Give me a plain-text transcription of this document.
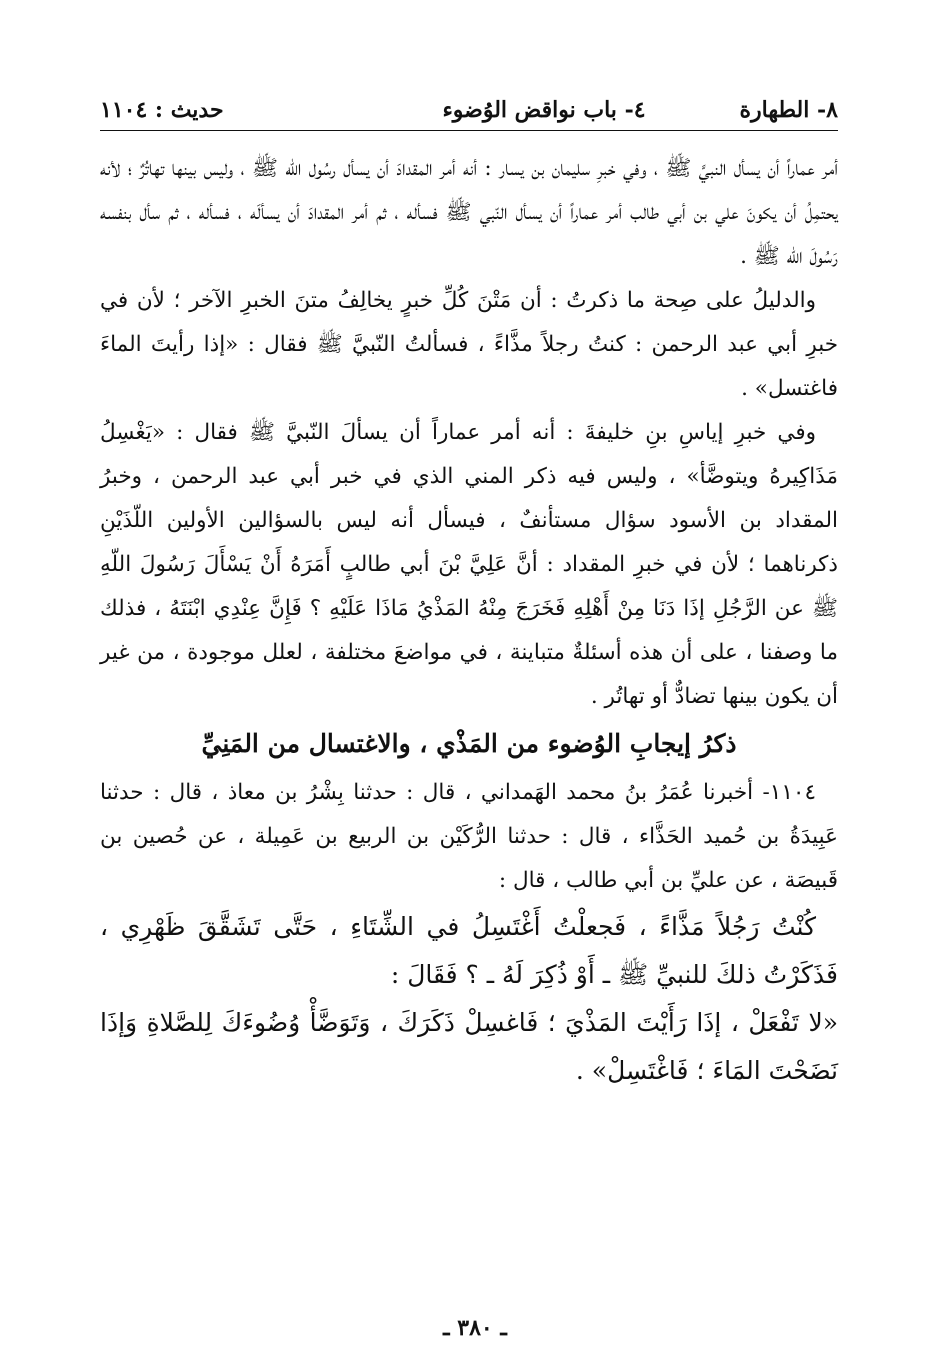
٨- الطهارة
٤- باب نواقض الوُضوء
حديث : ١١٠٤

أمر عماراً أن يسأل النبيَّ ﷺ ، وفي خبرِ سليمان بن يسار : أنه أمر المقدادَ أن يسأل رسُول اللّه ﷺ ، وليس بينها تهاتُرٌ ؛ لأنه يحتمِلُ أن يكونَ علي بن أبي طالب أمر عماراً أن يسأل النّبي ﷺ فسأله ، ثم أمر المقدادَ أن يسألَه ، فسأله ، ثم سأل بنفسه رَسُولَ اللّه ﷺ .

والدليلُ على صِحة ما ذكرتُ : أن مَتْنَ كُلِّ خبرٍ يخالِفُ متنَ الخبرِ الآخر ؛ لأن في خبرِ أبي عبد الرحمن : كنتُ رجلاً مذَّاءً ، فسألتُ النّبيَّ ﷺ فقال : «إذا رأيتَ الماءَ فاغتسل» .

وفي خبرِ إياسِ بنِ خليفةَ : أنه أمر عماراً أن يسألَ النّبيَّ ﷺ فقال : «يَغْسِلُ مَذَاكِيرهُ ويتوضَّأ» ، وليس فيه ذكر المني الذي في خبر أبي عبد الرحمن ، وخبرُ المقداد بن الأسود سؤال مستأنفٌ ، فيسأل أنه ليس بالسؤالين الأولين اللّذَيْنِ ذكرناهما ؛ لأن في خبرِ المقداد : أنَّ عَلِيَّ بْنَ أبي طالبٍ أَمَرَهُ أَنْ يَسْأَلَ رَسُولَ اللّهِ ﷺ عن الرَّجُلِ إذَا دَنَا مِنْ أَهْلِهِ فَخَرَجَ مِنْهُ المَذْيُ مَاذَا عَلَيْهِ ؟ فَإِنَّ عِنْدِي ابْنَتَهُ ، فذلك ما وصفنا ، على أن هذه أسئلةٌ متباينة ، في مواضعَ مختلفة ، لعلل موجودة ، من غير أن يكون بينها تضادٌّ أو تهاتُر .

ذكرُ إيجابِ الوُضوء من المَذْي ، والاغتسال من المَنِيِّ

١١٠٤- أخبرنا عُمَرُ بنُ محمد الهَمداني ، قال : حدثنا بِشْرُ بن معاذ ، قال : حدثنا عَبِيدَةُ بن حُميد الحَذَّاء ، قال : حدثنا الرُّكَيْن بن الربيع بن عَمِيلة ، عن حُصين بن قَبيصَة ، عن عليِّ بن أبي طالب ، قال :

كُنْتُ رَجُلاً مَذَّاءً ، فَجعلْتُ أَغْتَسِلُ في الشِّتَاءِ ، حَتَّى تَشَقَّقَ ظَهْرِي ، فَذَكَرْتُ ذلكَ للنبيِّ ﷺ ـ أَوْ ذُكِرَ لَهُ ـ ؟ فَقَالَ :

«لا تَفْعَلْ ، إذَا رَأَيْتَ المَذْيَ ؛ فَاغسِلْ ذَكَرَكَ ، وَتَوَضَّأْ وُضُوءَكَ لِلصَّلاةِ وَإذَا نَضَحْتَ المَاءَ ؛ فَاغْتَسِلْ» .

ـ ٣٨٠ ـ
